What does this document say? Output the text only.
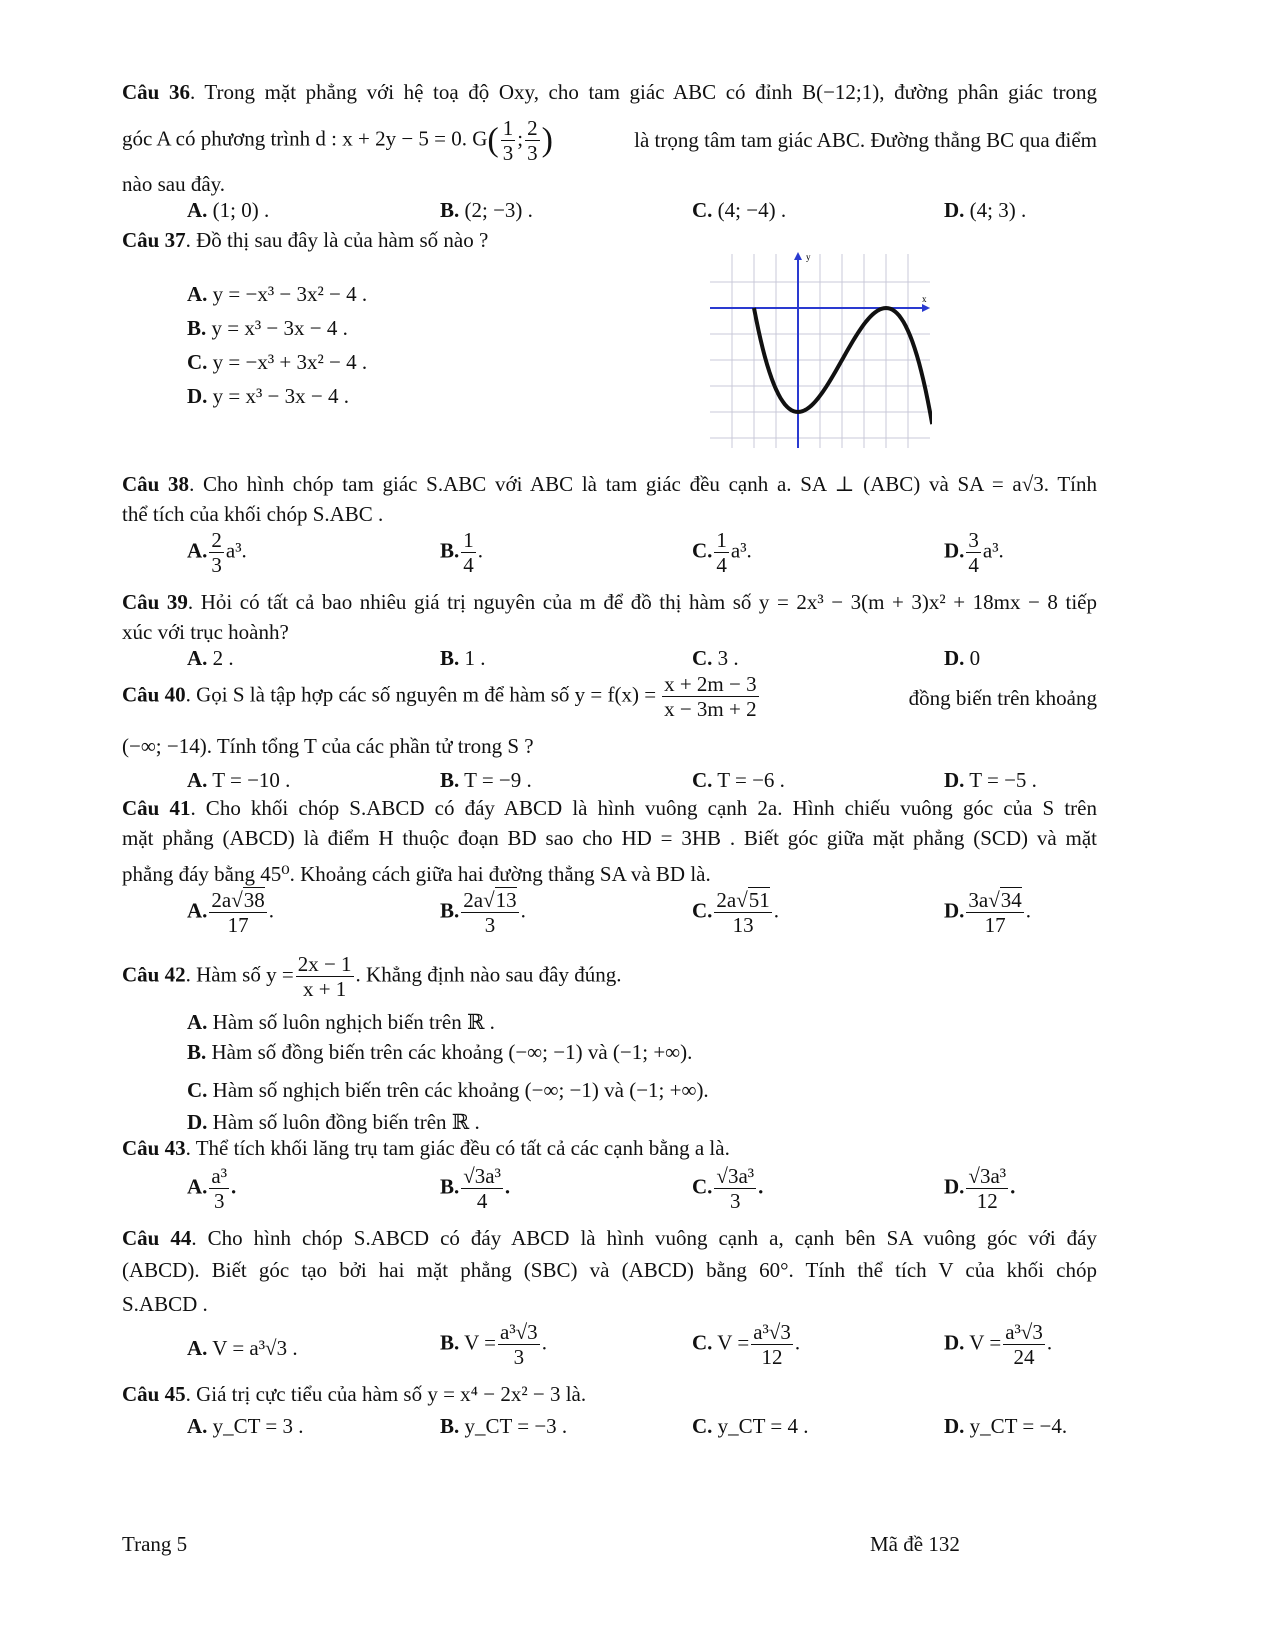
Câu 36. Trong mặt phẳng với hệ toạ độ Oxy, cho tam giác ABC có đỉnh B(−12;1), đường phân giác trong
góc A có phương trình d : x + 2y − 5 = 0. $G( \frac{1}{3}$ ; $\frac{2}{3}$ )	là trọng tâm tam giác ABC. Đường thẳng BC qua điểm
nào sau đây.
A. (1; 0) .	B. (2; −3) .	C. (4; −4) .	D. (4; 3) .
Câu 37. Đồ thị sau đây là của hàm số nào ?
A. y = −x³ − 3x² − 4 .
B. y = x³ − 3x − 4 .
C. y = −x³ + 3x² − 4 .
D. y = x³ − 3x − 4 .
y
x
Câu 38. Cho hình chóp tam giác S.ABC với ABC là tam giác đều cạnh a. SA ⊥ (ABC) và SA = a√3. Tính
thể tích của khối chóp S.ABC .
A. $\frac{2}{3} a^3$.	B. $\frac{1}{4}$ .	C. $\frac{1}{4} a^3$.	D. $\frac{3}{4} a^3$.
Câu 39. Hỏi có tất cả bao nhiêu giá trị nguyên của m để đồ thị hàm số y = 2x³ − 3(m + 3)x² + 18mx − 8 tiếp
xúc với trục hoành?
A. 2 .	B. 1 .	C. 3 .	D. 0
Câu 40. Gọi S là tập hợp các số nguyên m để hàm số $y = f(x) = \frac{x + 2m - 3}{x - 3m + 2}$	đồng biến trên khoảng
(−∞; −14). Tính tổng T của các phần tử trong S ?
A. T = −10 .	B. T = −9 .	C. T = −6 .	D. T = −5 .
Câu 41. Cho khối chóp S.ABCD có đáy ABCD là hình vuông cạnh 2a. Hình chiếu vuông góc của S trên
mặt phẳng (ABCD) là điểm H thuộc đoạn BD sao cho HD = 3HB . Biết góc giữa mặt phẳng (SCD) và mặt
phẳng đáy bằng 45⁰. Khoảng cách giữa hai đường thẳng SA và BD là.
A. $\frac{2a√38}{17}$ .	B. $\frac{2a√13}{3}$ .	C. $\frac{2a√51}{13}$ .	D. $\frac{3a√34}{17}$ .
Câu 42. Hàm số $y = \frac{2x - 1}{x + 1}$ . Khẳng định nào sau đây đúng.
A. Hàm số luôn nghịch biến trên ℝ .
B. Hàm số đồng biến trên các khoảng (−∞; −1) và (−1; +∞).
C. Hàm số nghịch biến trên các khoảng (−∞; −1) và (−1; +∞).
D. Hàm số luôn đồng biến trên ℝ .
Câu 43. Thể tích khối lăng trụ tam giác đều có tất cả các cạnh bằng a là.
A. $\frac{\text{a³}}{3}$ .	B. $\frac{\text{√3a³}}{4}$ .	C. $\frac{\text{√3a³}}{3}$ .	D. $\frac{\text{√3a³}}{12}$ .
Câu 44. Cho hình chóp S.ABCD có đáy ABCD là hình vuông cạnh a, cạnh bên SA vuông góc với đáy
(ABCD). Biết góc tạo bởi hai mặt phẳng (SBC) và (ABCD) bằng 60°. Tính thể tích V của khối chóp
S.ABCD .
A. V = a³√3 .	B. $V = \frac{\text{a³√3}}{3}$ .	C. $V = \frac{\text{a³√3}}{12}$ .	D. $V = \frac{\text{a³√3}}{24}$ .
Câu 45. Giá trị cực tiểu của hàm số y = x⁴ − 2x² − 3 là.
A. y_CT = 3 .	B. y_CT = −3 .	C. y_CT = 4 .	D. y_CT = −4.
Trang 5	Mã đề 132
